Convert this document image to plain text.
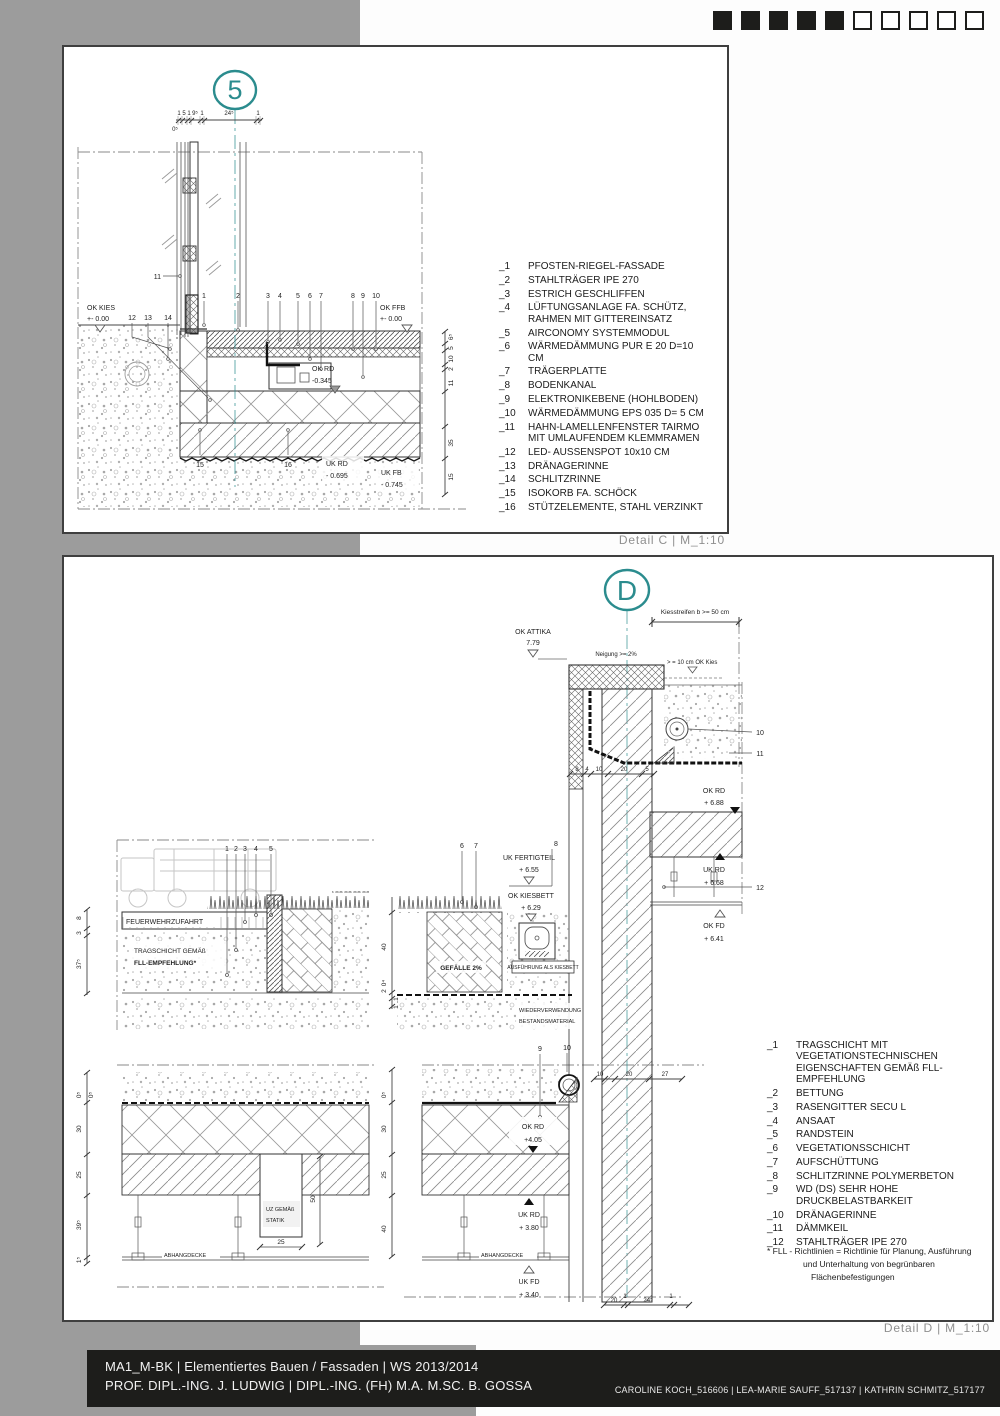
5
1 5 1 9⁵ 1	24⁵	1
0⁵
6⁵
5
10
2
11
35
15
OK KIES
+- 0.00
OK FFB
+- 0.00
OK RD
-0.345
UK RD
- 0.695	UK FB
- 0.745
1	2	3 4 5 6 7	8 9 10
11
12 13 14
15	16
_1	PFOSTEN-RIEGEL-FASSADE
_2	STAHLTRÄGER IPE 270
_3	ESTRICH GESCHLIFFEN
_4	LÜFTUNGSANLAGE FA. SCHÜTZ, RAHMEN MIT GITTEREINSATZ
_5	AIRCONOMY SYSTEMMODUL
_6	WÄRMEDÄMMUNG PUR E 20 D=10 CM
_7	TRÄGERPLATTE
_8	BODENKANAL
_9	ELEKTRONIKEBENE (HOHLBODEN)
_10	WÄRMEDÄMMUNG EPS 035 D= 5 CM
_11	HAHN-LAMELLENFENSTER TAIRMO MIT UMLAUFENDEM KLEMMRAMEN
_12	LED- AUSSENSPOT 10x10 CM
_13	DRÄNAGERINNE
_14	SCHLITZRINNE
_15	ISOKORB FA. SCHÖCK
_16	STÜTZELEMENTE, STAHL VERZINKT
Detail C | M_1:10
D
Kiesstreifen b >= 50 cm
OK ATTIKA
7.79
Neigung >= 2%
> = 10 cm OK Kies
8 4 10	20	5
10
11
OK RD
+ 6.88
UK RD
+ 6.68
12
OK FD
+ 6.41
FEUERWEHRZUFAHRT
TRAGSCHICHT GEMÄß
FLL-EMPFEHLUNG*
1 2 3 4 5
8
3
37⁵	GEFÄLLE 2%	AUSFÜHRUNG ALS KIESBETT
WIEDERVERWENDUNG
BESTANDSMATERIAL
6 7	8
UK FERTIGTEIL
+ 6.55
OK KIESBETT
+ 6.29
40
0⁴
2
1
1
UZ GEMÄß
STATIK
ABHANGDECKE
50
25
0⁵ 0⁵
30
25
39⁵
1⁵
ABHANGDECKE
9	10
OK RD
+4.05
UK RD
+ 3.80
UK FD
+ 3.40
10	20	27
20
1
24⁵
1
0⁵
30
25
40
_1	TRAGSCHICHT MIT VEGETATIONSTECHNISCHEN EIGENSCHAFTEN GEMÄß FLL- EMPFEHLUNG
_2	BETTUNG
_3	RASENGITTER SECU L
_4	ANSAAT
_5	RANDSTEIN
_6	VEGETATIONSSCHICHT
_7	AUFSCHÜTTUNG
_8	SCHLITZRINNE POLYMERBETON
_9	WD (DS) SEHR HOHE DRUCKBELASTBARKEIT
_10	DRÄNAGERINNE
_11	DÄMMKEIL
_12	STAHLTRÄGER IPE 270
* FLL - Richtlinien = Richtlinie für Planung, Ausführung
und Unterhaltung von begrünbaren
Flächenbefestigungen
Detail D | M_1:10
MA1_M-BK | Elementiertes Bauen / Fassaden | WS 2013/2014
PROF. DIPL.-ING. J. LUDWIG | DIPL.-ING. (FH) M.A. M.SC. B. GOSSA	CAROLINE KOCH_516606 | LEA-MARIE SAUFF_517137 | KATHRIN SCHMITZ_517177
